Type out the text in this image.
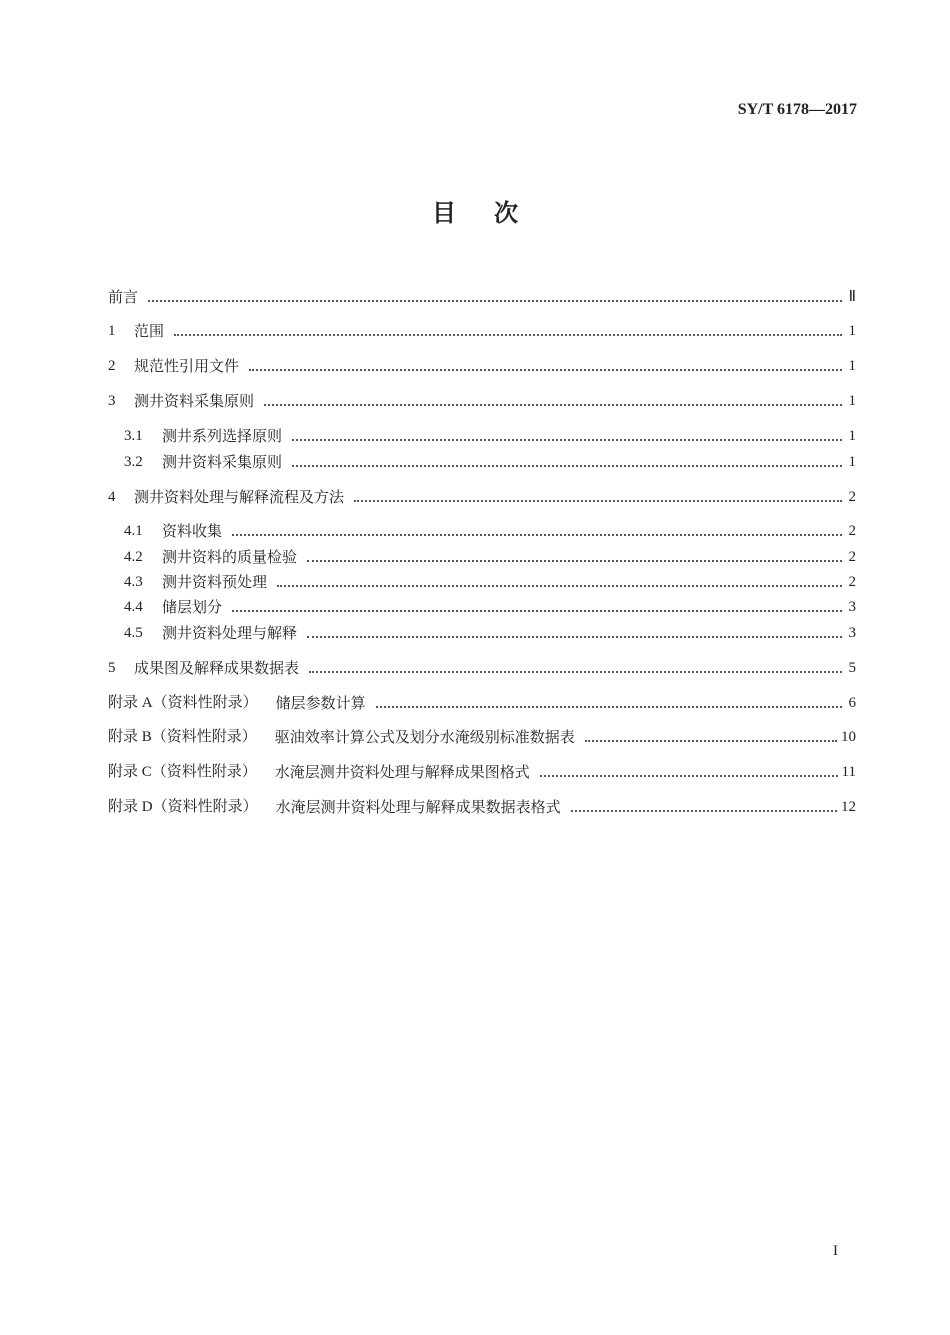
SY/T 6178—2017
目次
前言	Ⅱ
1	范围	1
2	规范性引用文件	1
3	测井资料采集原则	1
3.1	测井系列选择原则	1
3.2	测井资料采集原则	1
4	测井资料处理与解释流程及方法	2
4.1	资料收集	2
4.2	测井资料的质量检验	2
4.3	测井资料预处理	2
4.4	储层划分	3
4.5	测井资料处理与解释	3
5	成果图及解释成果数据表	5
附录 A（资料性附录） 储层参数计算	6
附录 B（资料性附录） 驱油效率计算公式及划分水淹级别标准数据表	10
附录 C（资料性附录） 水淹层测井资料处理与解释成果图格式	11
附录 D（资料性附录） 水淹层测井资料处理与解释成果数据表格式	12
I
